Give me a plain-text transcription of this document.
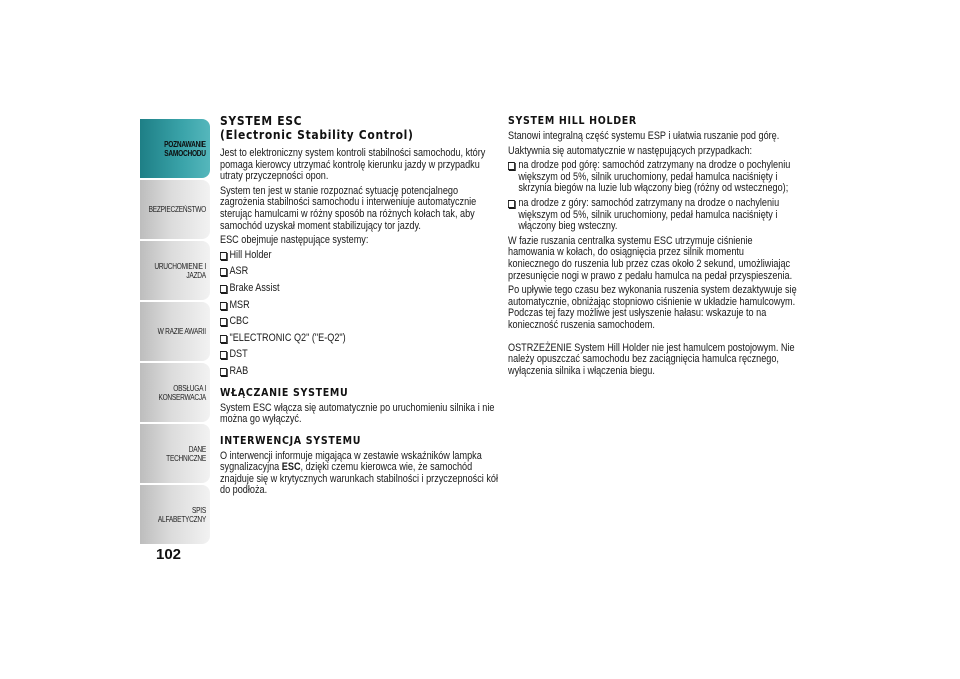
POZNAWANIE
SAMOCHODU
BEZPIECZEŃSTWO
URUCHOMIENIE I
JAZDA
W RAZIE AWARII
OBSŁUGA I
KONSERWACJA
DANE TECHNICZNE
SPIS ALFABETYCZNY
102
SYSTEM ESC
(Electronic Stability Control)

Jest to elektroniczny system kontroli stabilności samochodu, który pomaga kierowcy utrzymać kontrolę kierunku jazdy w przypadku utraty przyczepności opon.

System ten jest w stanie rozpoznać sytuację potencjalnego zagrożenia stabilności samochodu i interweniuje automatycznie sterując hamulcami w różny sposób na różnych kołach tak, aby samochód uzyskał moment stabilizujący tor jazdy.

ESC obejmuje następujące systemy:

Hill Holder
ASR
Brake Assist
MSR
CBC
"ELECTRONIC Q2" ("E-Q2")
DST
RAB
WŁĄCZANIE SYSTEMU

System ESC włącza się automatycznie po uruchomieniu silnika i nie można go wyłączyć.

INTERWENCJA SYSTEMU

O interwencji informuje migająca w zestawie wskaźników lampka sygnalizacyjna ESC, dzięki czemu kierowca wie, że samochód znajduje się w krytycznych warunkach stabilności i przyczepności kół do podłoża.

SYSTEM HILL HOLDER

Stanowi integralną część systemu ESP i ułatwia ruszanie pod górę.

Uaktywnia się automatycznie w następujących przypadkach:

na drodze pod górę: samochód zatrzymany na drodze o pochyleniu większym od 5%, silnik uruchomiony, pedał hamulca naciśnięty i skrzynia biegów na luzie lub włączony bieg (różny od wstecznego);
na drodze z góry: samochód zatrzymany na drodze o nachyleniu większym od 5%, silnik uruchomiony, pedał hamulca naciśnięty i włączony bieg wsteczny.

W fazie ruszania centralka systemu ESC utrzymuje ciśnienie hamowania w kołach, do osiągnięcia przez silnik momentu koniecznego do ruszenia lub przez czas około 2 sekund, umożliwiając przesunięcie nogi w prawo z pedału hamulca na pedał przyspieszenia.

Po upływie tego czasu bez wykonania ruszenia system dezaktywuje się automatycznie, obniżając stopniowo ciśnienie w układzie hamulcowym. Podczas tej fazy możliwe jest usłyszenie hałasu: wskazuje to na konieczność ruszenia samochodem.

OSTRZEŻENIE System Hill Holder nie jest hamulcem postojowym. Nie należy opuszczać samochodu bez zaciągnięcia hamulca ręcznego, wyłączenia silnika i włączenia biegu.
